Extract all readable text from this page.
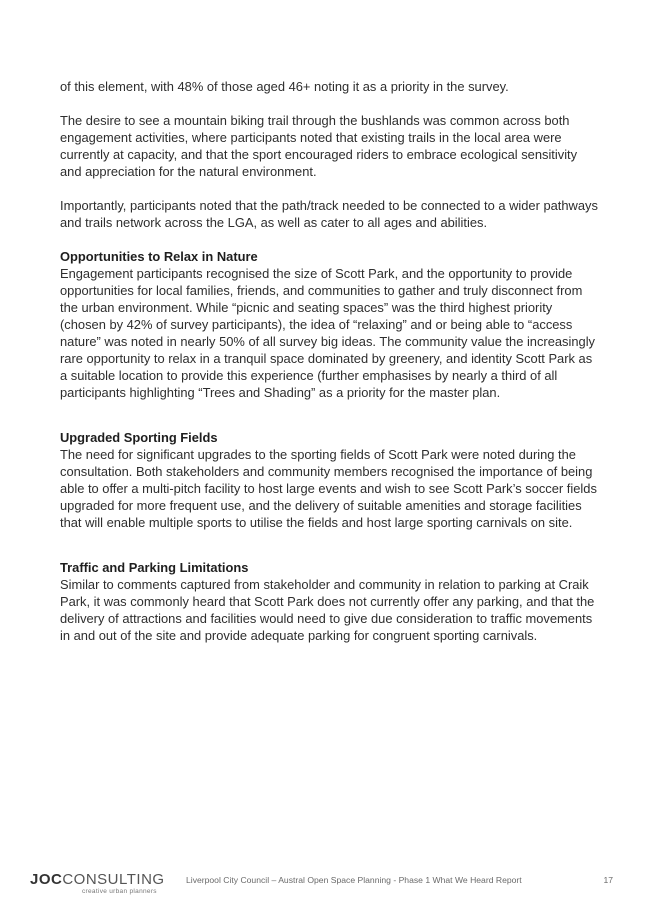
of this element, with 48% of those aged 46+ noting it as a priority in the survey.

The desire to see a mountain biking trail through the bushlands was common across both engagement activities, where participants noted that existing trails in the local area were currently at capacity, and that the sport encouraged riders to embrace ecological sensitivity and appreciation for the natural environment.

Importantly, participants noted that the path/track needed to be connected to a wider pathways and trails network across the LGA, as well as cater to all ages and abilities.

Opportunities to Relax in Nature

Engagement participants recognised the size of Scott Park, and the opportunity to provide opportunities for local families, friends, and communities to gather and truly disconnect from the urban environment. While “picnic and seating spaces” was the third highest priority (chosen by 42% of survey participants), the idea of “relaxing” and or being able to “access nature” was noted in nearly 50% of all survey big ideas. The community value the increasingly rare opportunity to relax in a tranquil space dominated by greenery, and identity Scott Park as a suitable location to provide this experience (further emphasises by nearly a third of all participants highlighting “Trees and Shading” as a priority for the master plan.

Upgraded Sporting Fields

The need for significant upgrades to the sporting fields of Scott Park were noted during the consultation. Both stakeholders and community members recognised the importance of being able to offer a multi-pitch facility to host large events and wish to see Scott Park’s soccer fields upgraded for more frequent use, and the delivery of suitable amenities and storage facilities that will enable multiple sports to utilise the fields and host large sporting carnivals on site.

Traffic and Parking Limitations

Similar to comments captured from stakeholder and community in relation to parking at Craik Park, it was commonly heard that Scott Park does not currently offer any parking, and that the delivery of attractions and facilities would need to give due consideration to traffic movements in and out of the site and provide adequate parking for congruent sporting carnivals.

JOCCONSULTING
creative urban planners
Liverpool City Council – Austral Open Space Planning - Phase 1 What We Heard Report	17
